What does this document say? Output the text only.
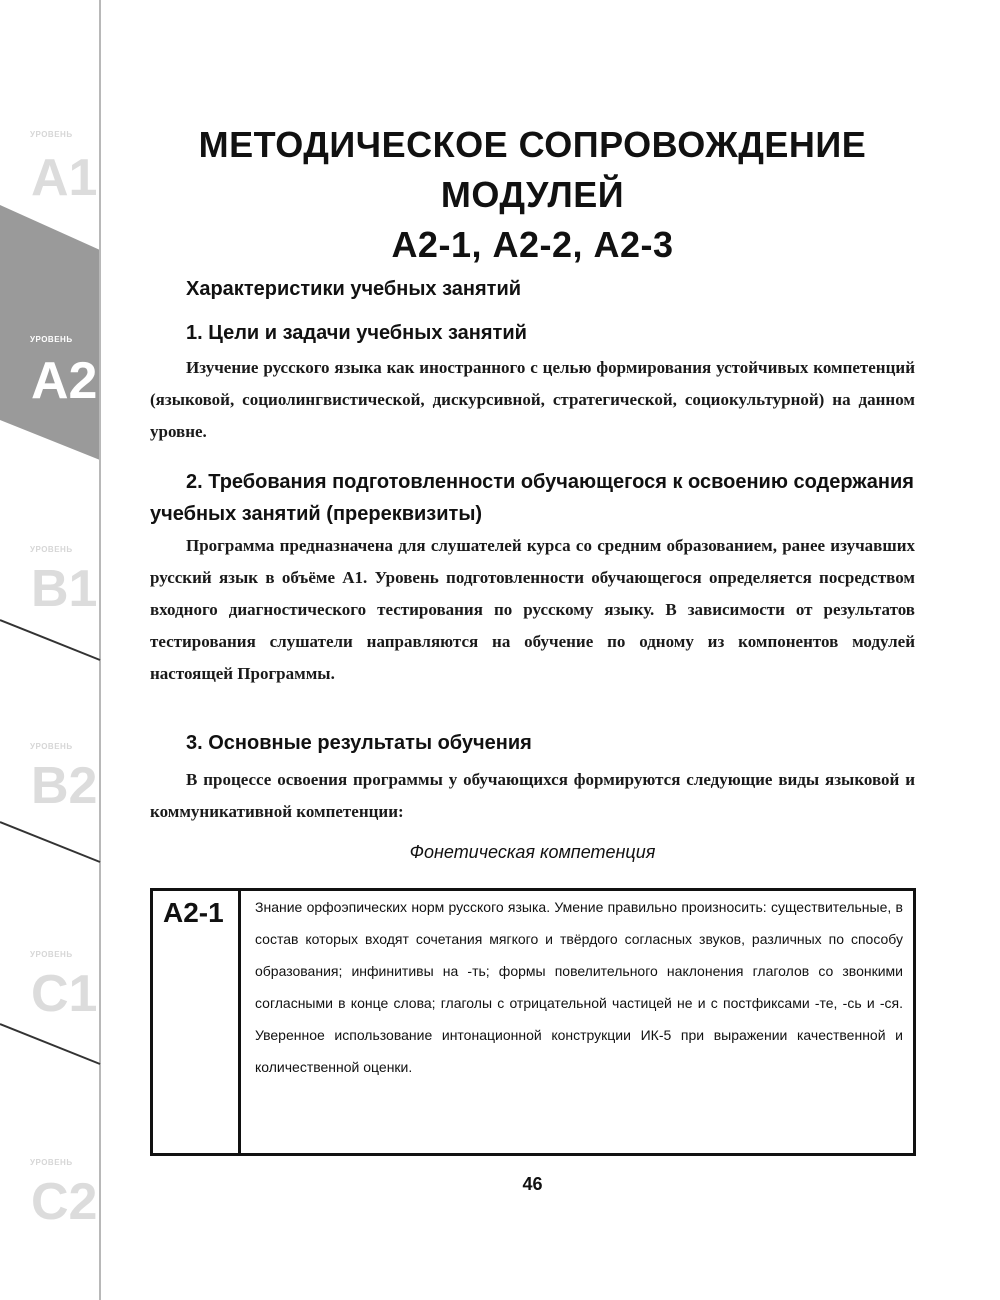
УРОВЕНЬ
A1
УРОВЕНЬ
A2
УРОВЕНЬ
B1
УРОВЕНЬ
B2
УРОВЕНЬ
C1
УРОВЕНЬ
C2
МЕТОДИЧЕСКОЕ СОПРОВОЖДЕНИЕ МОДУЛЕЙ
А2-1, А2-2, А2-3
Характеристики учебных занятий
1. Цели и задачи учебных занятий

Изучение русского языка как иностранного с целью формирования устойчивых компетенций (языковой, социолингвистической, дискурсивной, стратегической, социокультурной) на данном уровне.

2. Требования подготовленности обучающегося к освоению содержания учебных занятий (пререквизиты)

Программа предназначена для слушателей курса со средним образованием, ранее изучавших русский язык в объёме А1. Уровень подготовленности обучающегося определяется посредством входного диагностического тестирования по русскому языку. В зависимости от результатов тестирования слушатели направляются на обучение по одному из компонентов модулей настоящей Программы.

3. Основные результаты обучения

В процессе освоения программы у обучающихся формируются следующие виды языковой и коммуникативной компетенции:

Фонетическая компетенция
А2-1	Знание орфоэпических норм русского языка. Умение правильно произносить: существительные, в состав которых входят сочетания мягкого и твёрдого согласных звуков, различных по способу образования; инфинитивы на -ть; формы повелительного наклонения глаголов со звонкими согласными в конце слова; глаголы с отрицательной частицей не и с постфиксами -те, -сь и -ся. Уверенное использование интонационной конструкции ИК-5 при выражении качественной и количественной оценки.
46
